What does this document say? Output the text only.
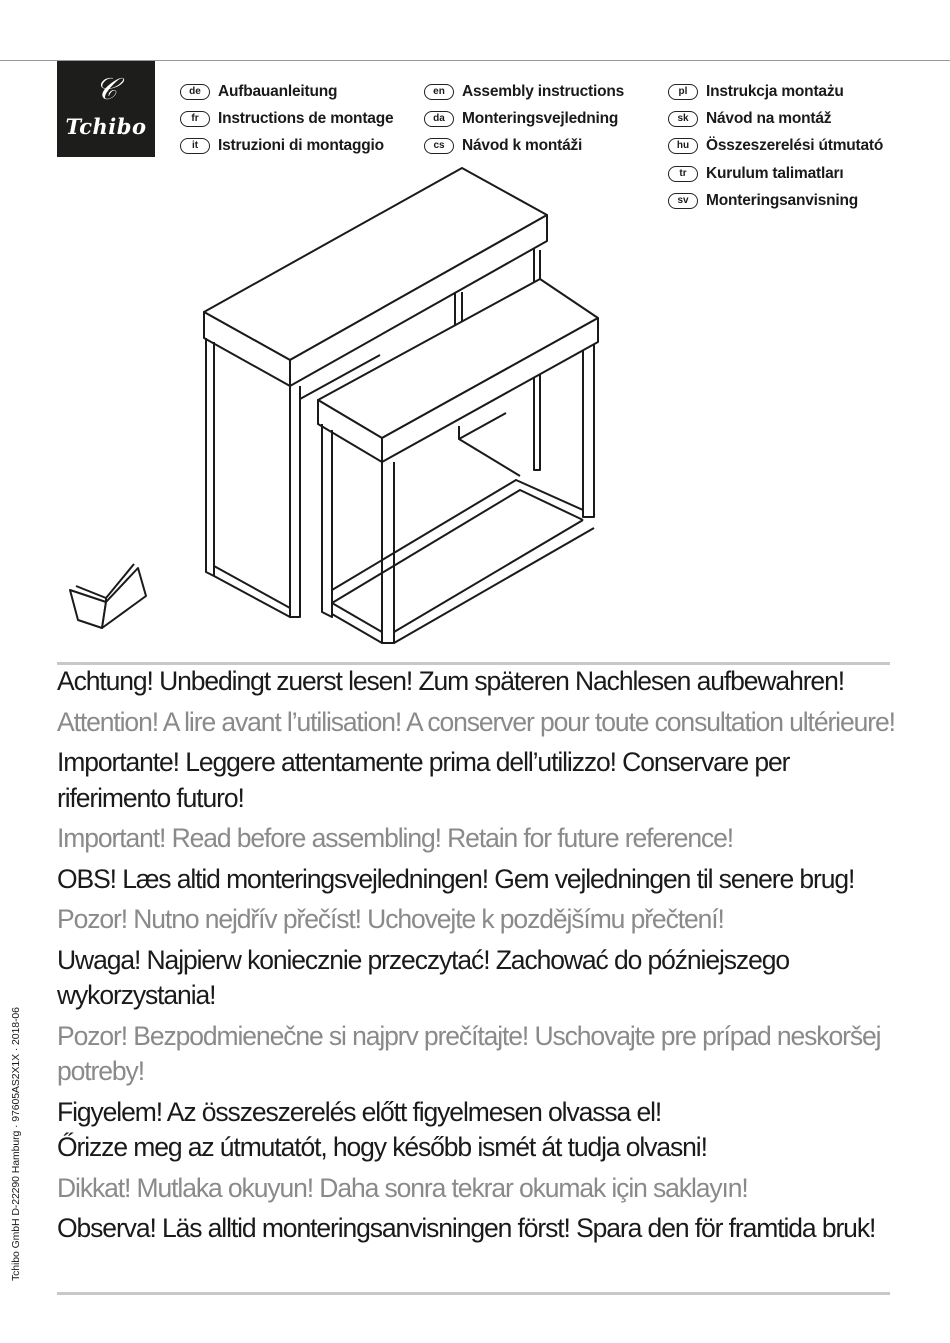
𝒞
Tchibo
de	Aufbauanleitung
fr	Instructions de montage
it	Istruzioni di montaggio
en	Assembly instructions
da	Monteringsvejledning
cs	Návod k montáži
pl	Instrukcja montażu
sk	Návod na montáž
hu	Összeszerelési útmutató
tr	Kurulum talimatları
sv	Monteringsanvisning
Achtung! Unbedingt zuerst lesen! Zum späteren Nachlesen aufbewahren!
Attention! A lire avant l’utilisation! A conserver pour toute consultation ultérieure!
Importante! Leggere attentamente prima dell’utilizzo! Conservare per riferimento futuro!
Important! Read before assembling! Retain for future reference!
OBS! Læs altid monteringsvejledningen! Gem vejledningen til senere brug!
Pozor! Nutno nejdřív přečíst! Uchovejte k pozdějšímu přečtení!
Uwaga! Najpierw koniecznie przeczytać! Zachować do późniejszego wykorzystania!
Pozor! Bezpodmienečne si najprv prečítajte! Uschovajte pre prípad neskoršej potreby!
Figyelem! Az összeszerelés előtt figyelmesen olvassa el!
Őrizze meg az útmutatót, hogy később ismét át tudja olvasni!
Dikkat! Mutlaka okuyun! Daha sonra tekrar okumak için saklayın!
Observa! Läs alltid monteringsanvisningen först! Spara den för framtida bruk!
Tchibo GmbH D-22290 Hamburg · 97605AS2X1X · 2018-06
